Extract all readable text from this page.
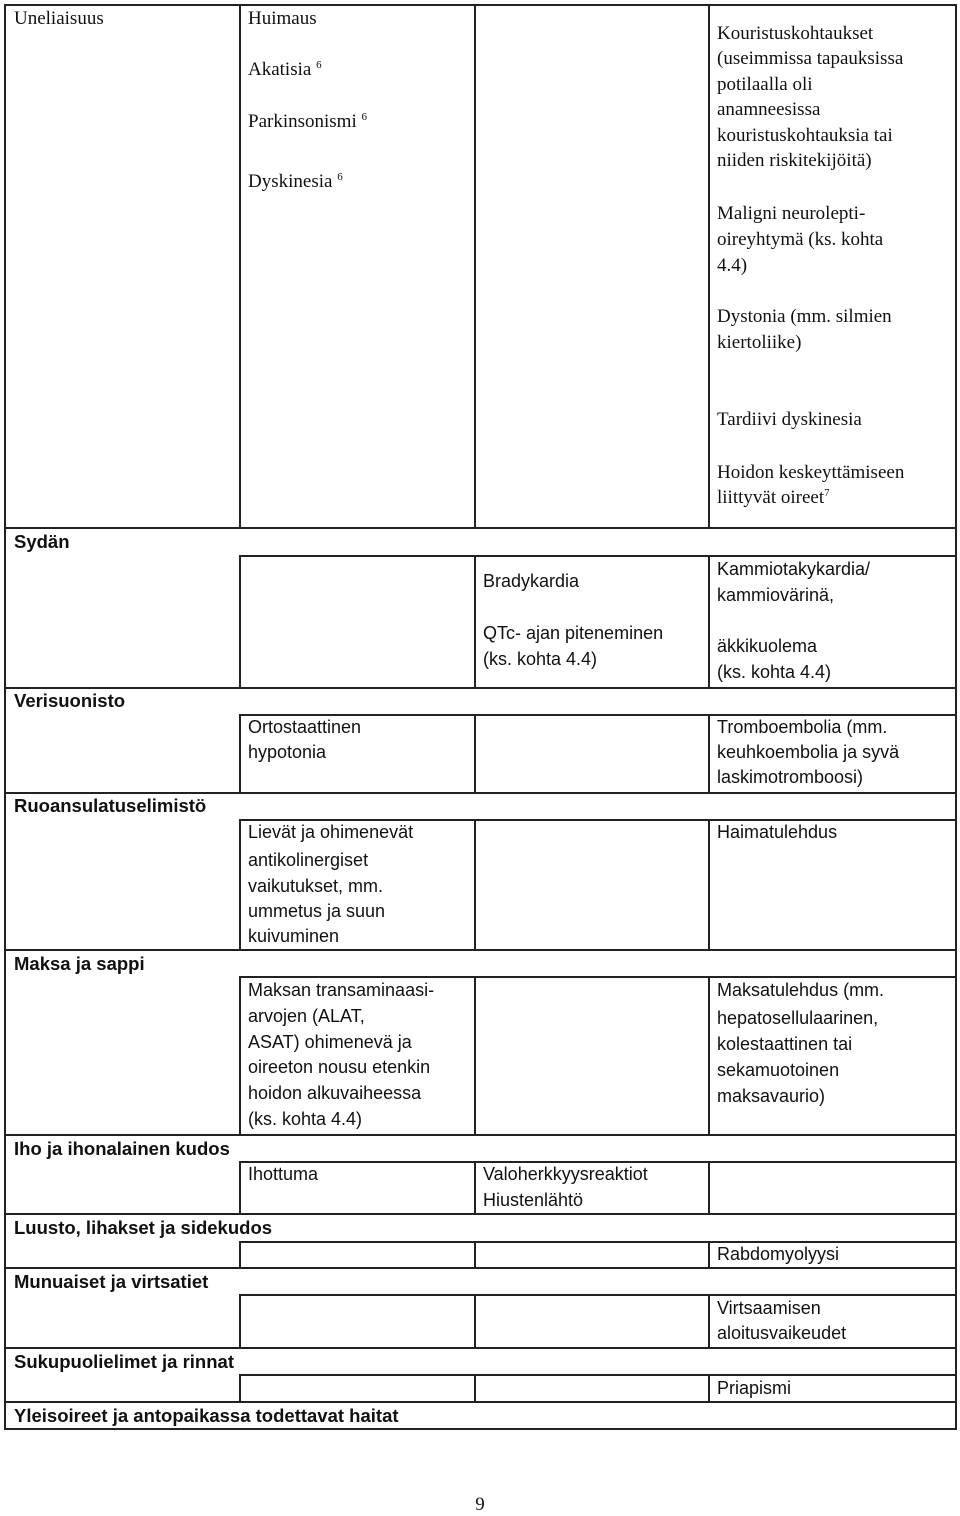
Uneliaisuus	Huimaus
Akatisia $^6$
Parkinsonismi $^6$
Dyskinesia $^6$
Kouristuskohtaukset
(useimmissa tapauksissa
potilaalla oli
anamneesissa
kouristuskohtauksia tai
niiden riskitekijöitä)
Maligni neurolepti-
oireyhtymä (ks. kohta
4.4)
Dystonia (mm. silmien
kiertoliike)
Tardiivi dyskinesia
Hoidon keskeyttämiseen
liittyvät oireet$^7$
Sydän
Bradykardia
QTc- ajan piteneminen
(ks. kohta 4.4)
Kammiotakykardia/
kammiovärinä,
äkkikuolema
(ks. kohta 4.4)
Verisuonisto
Ortostaattinen
hypotonia
Tromboembolia (mm.
keuhkoembolia ja syvä
laskimotromboosi)
Ruoansulatuselimistö
Lievät ja ohimenevät
antikolinergiset
vaikutukset, mm.
ummetus ja suun
kuivuminen
Haimatulehdus
Maksa ja sappi
Maksan transaminaasi-
arvojen (ALAT,
ASAT) ohimenevä ja
oireeton nousu etenkin
hoidon alkuvaiheessa
(ks. kohta 4.4)
Maksatulehdus (mm.
hepatosellulaarinen,
kolestaattinen tai
sekamuotoinen
maksavaurio)
Iho ja ihonalainen kudos
Ihottuma	Valoherkkyysreaktiot
Hiustenlähtö
Luusto, lihakset ja sidekudos
Rabdomyolyysi
Munuaiset ja virtsatiet
Virtsaamisen
aloitusvaikeudet
Sukupuolielimet ja rinnat
Priapismi
Yleisoireet ja antopaikassa todettavat haitat
9
